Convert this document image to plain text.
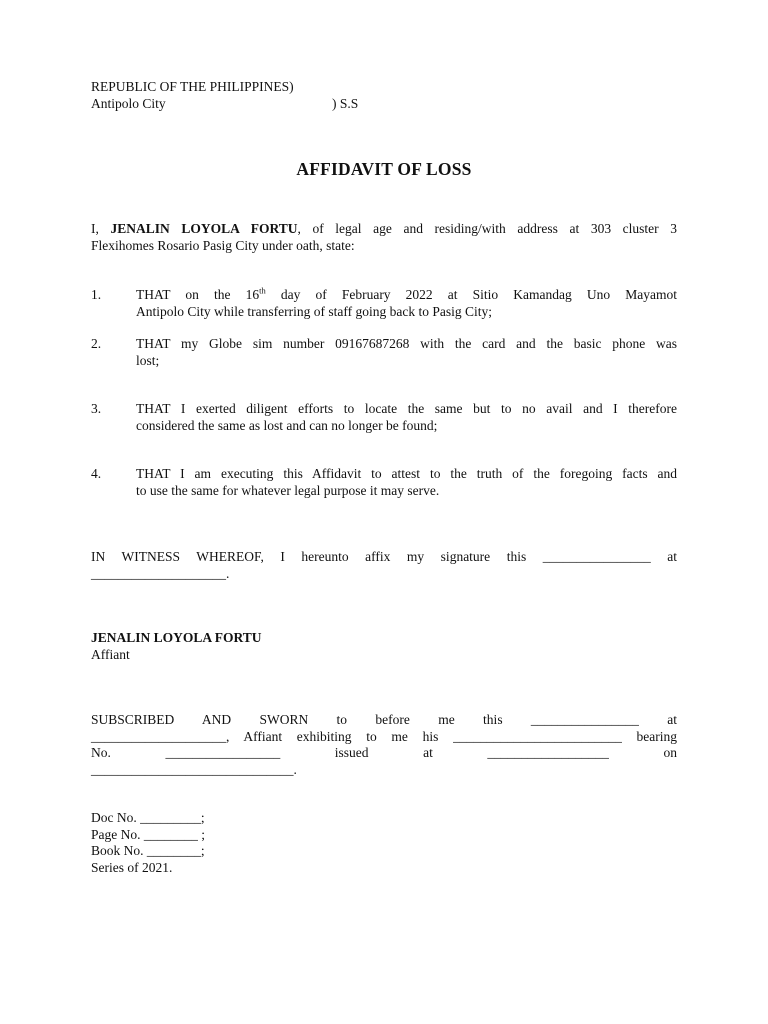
REPUBLIC OF THE PHILIPPINES)
Antipolo City	) S.S
AFFIDAVIT OF LOSS
I, JENALIN LOYOLA FORTU, of legal age and residing/with address at 303 cluster 3
Flexihomes Rosario Pasig City under oath, state:
1.	THAT on the 16th day of February 2022 at Sitio Kamandag Uno Mayamot
Antipolo City while transferring of staff going back to Pasig City;
2.	THAT my Globe sim number 09167687268 with the card and the basic phone was
lost;
3.	THAT I exerted diligent efforts to locate the same but to no avail and I therefore
considered the same as lost and can no longer be found;
4.	THAT I am executing this Affidavit to attest to the truth of the foregoing facts and
to use the same for whatever legal purpose it may serve.
IN WITNESS WHEREOF, I hereunto affix my signature this ________________ at
____________________.
JENALIN LOYOLA FORTU
Affiant
SUBSCRIBED AND SWORN to before me this ________________ at
____________________, Affiant exhibiting to me his _________________________ bearing
No. _________________ issued at __________________ on
______________________________.
Doc No. _________;
Page No. ________ ;
Book No. ________;
Series of 2021.
